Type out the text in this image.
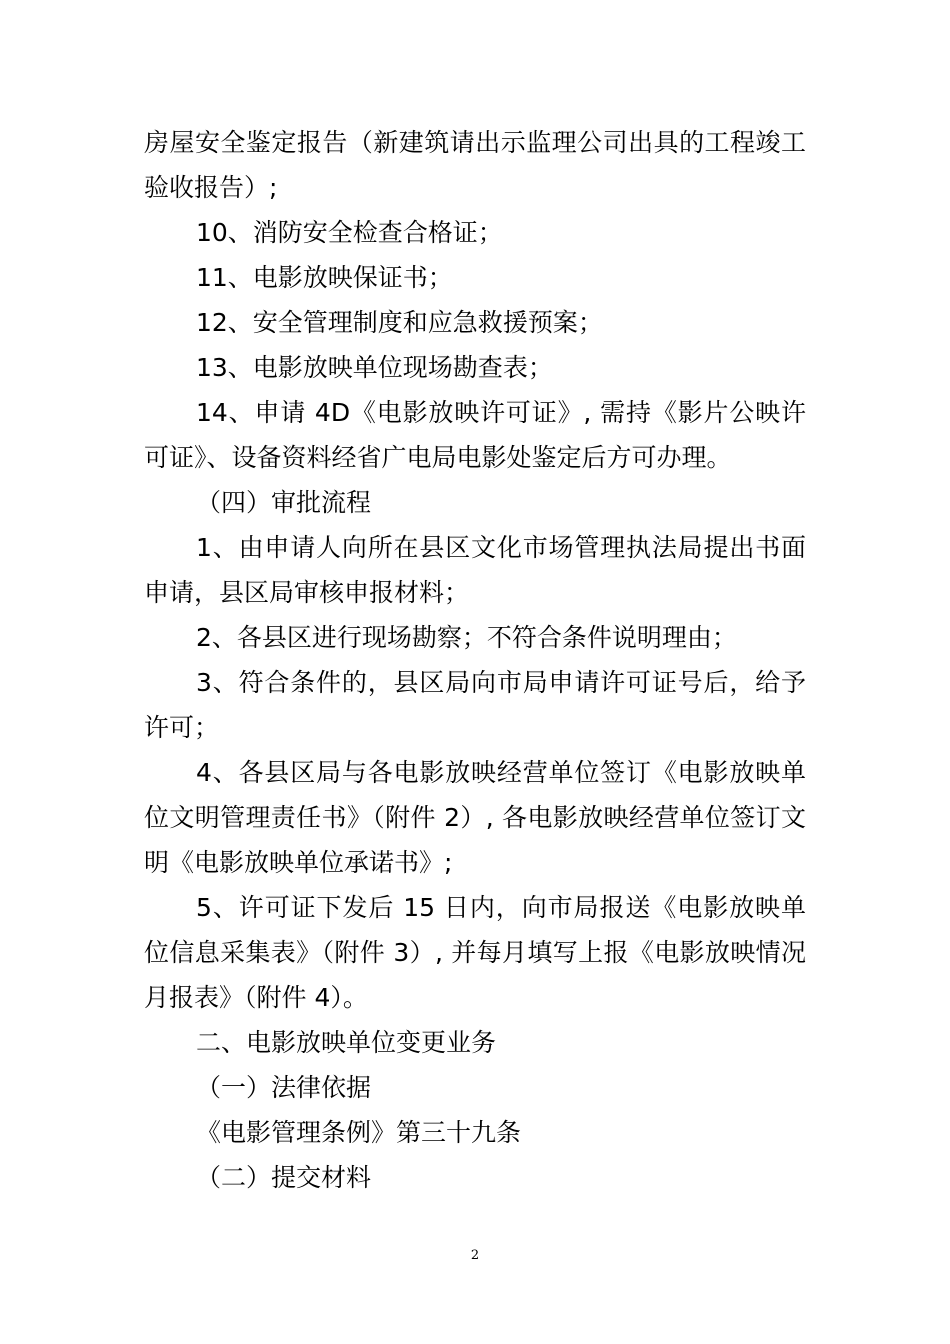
房屋安全鉴定报告（新建筑请出示监理公司出具的工程竣工验收报告）;

10、消防安全检查合格证；

11、电影放映保证书；

12、安全管理制度和应急救援预案；

13、电影放映单位现场勘查表；

14、申请 4D《电影放映许可证》, 需持《影片公映许可证》、设备资料经省广电局电影处鉴定后方可办理。

（四）审批流程

1、由申请人向所在县区文化市场管理执法局提出书面申请，县区局审核申报材料；

2、各县区进行现场勘察；不符合条件说明理由；

3、符合条件的，县区局向市局申请许可证号后，给予许可；

4、各县区局与各电影放映经营单位签订《电影放映单位文明管理责任书》（附件 2）, 各电影放映经营单位签订文明《电影放映单位承诺书》;

5、许可证下发后 15 日内，向市局报送《电影放映单位信息采集表》（附件 3）, 并每月填写上报《电影放映情况月报表》（附件 4）。

二、电影放映单位变更业务

（一）法律依据

《电影管理条例》第三十九条

（二）提交材料

2
